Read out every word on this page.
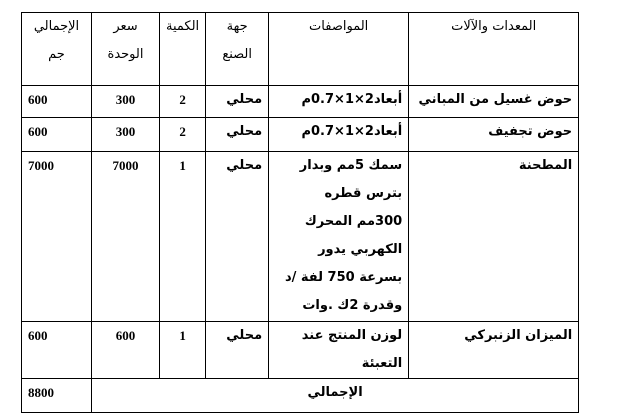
المعدات والآلات	المواصفات	جهة الصنع	الكمية	سعر الوحدة	الإجمالي جم
حوض غسيل من المباني	أبعاد2×1×0.7م	محلي	2	300	600
حوض تجفيف	أبعاد2×1×0.7م	محلي	2	300	600
المطحنة	سمك 5مم وبدار بترس قطره 300مم المحرك الكهربي يدور بسرعة 750 لفة /د وقدرة 2ك .وات	محلي	1	7000	7000
الميزان الزنبركي	لوزن المنتج عند التعبئة	محلي	1	600	600
الإجمالي					8800
